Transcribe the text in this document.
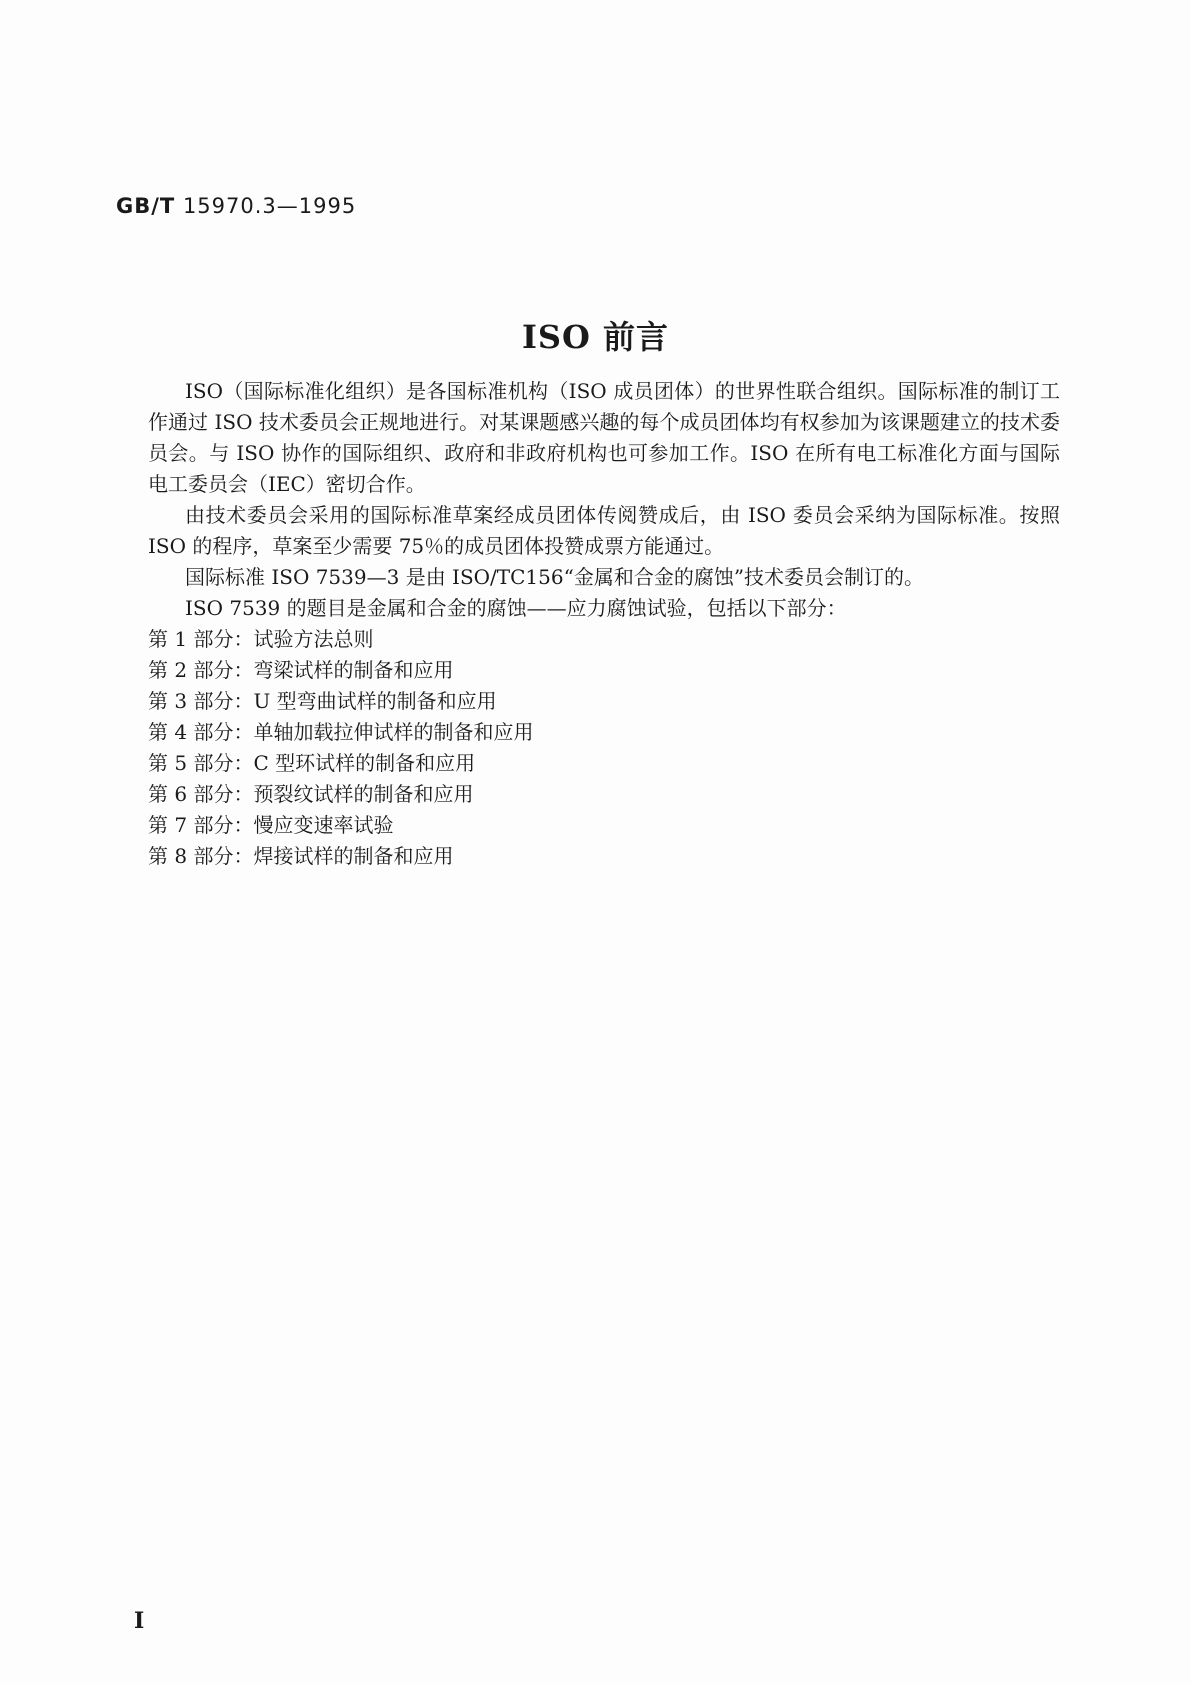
GB/T 15970.3—1995
ISO 前言

ISO（国际标准化组织）是各国标准机构（ISO 成员团体）的世界性联合组织。国际标准的制订工作通过 ISO 技术委员会正规地进行。对某课题感兴趣的每个成员团体均有权参加为该课题建立的技术委员会。与 ISO 协作的国际组织、政府和非政府机构也可参加工作。ISO 在所有电工标准化方面与国际电工委员会（IEC）密切合作。

由技术委员会采用的国际标准草案经成员团体传阅赞成后，由 ISO 委员会采纳为国际标准。按照 ISO 的程序，草案至少需要 75％的成员团体投赞成票方能通过。

国际标准 ISO 7539—3 是由 ISO/TC156“金属和合金的腐蚀”技术委员会制订的。

ISO 7539 的题目是金属和合金的腐蚀——应力腐蚀试验，包括以下部分：

第 1 部分：试验方法总则
第 2 部分：弯梁试样的制备和应用
第 3 部分：U 型弯曲试样的制备和应用
第 4 部分：单轴加载拉伸试样的制备和应用
第 5 部分：C 型环试样的制备和应用
第 6 部分：预裂纹试样的制备和应用
第 7 部分：慢应变速率试验
第 8 部分：焊接试样的制备和应用
I
